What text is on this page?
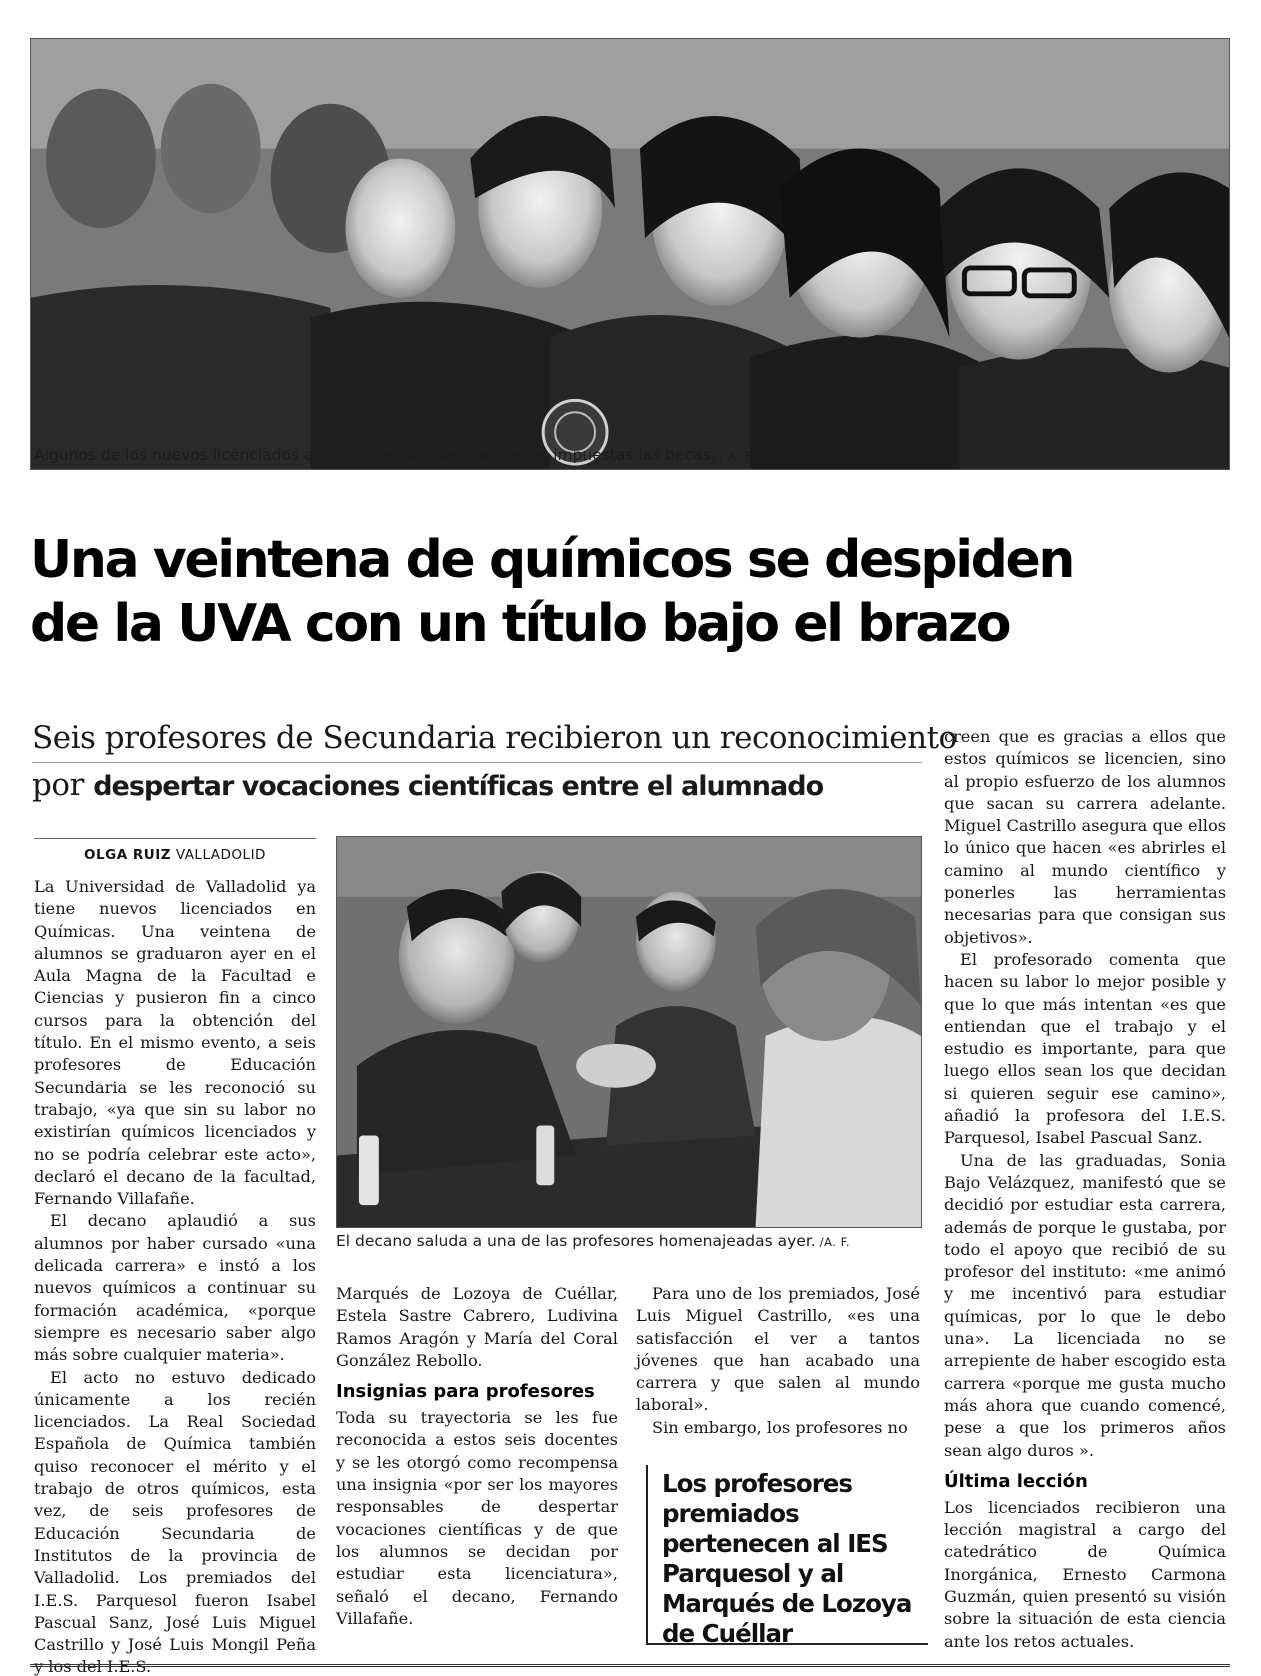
Algunos de los nuevos licenciados en Químicas sonríen tras serles impuestas las becas. / A. FARIZA
Una veintena de químicos se despiden
de la UVA con un título bajo el brazo
Seis profesores de Secundaria recibieron un reconocimiento
por despertar vocaciones científicas entre el alumnado
OLGA RUIZ VALLADOLID

La Universidad de Valladolid ya tiene nuevos licenciados en Químicas. Una veintena de alumnos se graduaron ayer en el Aula Magna de la Facultad e Ciencias y pusieron fin a cinco cursos para la obtención del título. En el mismo evento, a seis profesores de Educación Secundaria se les reconoció su trabajo, «ya que sin su labor no existirían químicos licenciados y no se podría celebrar este acto», declaró el decano de la facultad, Fernando Villafañe.

El decano aplaudió a sus alumnos por haber cursado «una delicada carrera» e instó a los nuevos químicos a continuar su formación académica, «porque siempre es necesario saber algo más sobre cualquier materia».

El acto no estuvo dedicado únicamente a los recién licenciados. La Real Sociedad Española de Química también quiso reconocer el mérito y el trabajo de otros químicos, esta vez, de seis profesores de Educación Secundaria de Institutos de la provincia de Valladolid. Los premiados del I.E.S. Parquesol fueron Isabel Pascual Sanz, José Luis Miguel Castrillo y José Luis Mongil Peña y los del I.E.S.

El decano saluda a una de las profesores homenajeadas ayer. /A. F.

Marqués de Lozoya de Cuéllar, Estela Sastre Cabrero, Ludivina Ramos Aragón y María del Coral González Rebollo.

Insignias para profesores

Toda su trayectoria se les fue reconocida a estos seis docentes y se les otorgó como recompensa una insignia «por ser los mayores responsables de despertar vocaciones científicas y de que los alumnos se decidan por estudiar esta licenciatura», señaló el decano, Fernando Villafañe.

Para uno de los premiados, José Luis Miguel Castrillo, «es una satisfacción el ver a tantos jóvenes que han acabado una carrera y que salen al mundo laboral».

Sin embargo, los profesores no

Los profesores premiados pertenecen al IES Parquesol y al Marqués de Lozoya de Cuéllar

creen que es gracias a ellos que estos químicos se licencien, sino al propio esfuerzo de los alumnos que sacan su carrera adelante. Miguel Castrillo asegura que ellos lo único que hacen «es abrirles el camino al mundo científico y ponerles las herramientas necesarias para que consigan sus objetivos».

El profesorado comenta que hacen su labor lo mejor posible y que lo que más intentan «es que entiendan que el trabajo y el estudio es importante, para que luego ellos sean los que decidan si quieren seguir ese camino», añadió la profesora del I.E.S. Parquesol, Isabel Pascual Sanz.

Una de las graduadas, Sonia Bajo Velázquez, manifestó que se decidió por estudiar esta carrera, además de porque le gustaba, por todo el apoyo que recibió de su profesor del instituto: «me animó y me incentivó para estudiar químicas, por lo que le debo una». La licenciada no se arrepiente de haber escogido esta carrera «porque me gusta mucho más ahora que cuando comencé, pese a que los primeros años sean algo duros ».

Última lección

Los licenciados recibieron una lección magistral a cargo del catedrático de Química Inorgánica, Ernesto Carmona Guzmán, quien presentó su visión sobre la situación de esta ciencia ante los retos actuales.
